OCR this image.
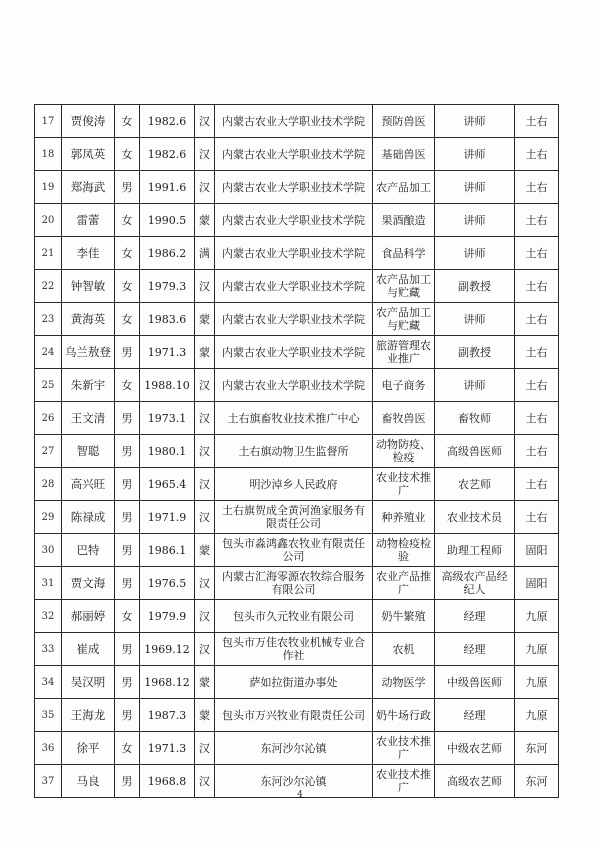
17	贾俊涛	女	1982.6	汉	内蒙古农业大学职业技术学院	预防兽医	讲师	土右
18	郭凤英	女	1982.6	汉	内蒙古农业大学职业技术学院	基础兽医	讲师	土右
19	郑海武	男	1991.6	汉	内蒙古农业大学职业技术学院	农产品加工	讲师	土右
20	雷蕾	女	1990.5	蒙	内蒙古农业大学职业技术学院	果酒酿造	讲师	土右
21	李佳	女	1986.2	满	内蒙古农业大学职业技术学院	食品科学	讲师	土右
22	钟智敏	女	1979.3	汉	内蒙古农业大学职业技术学院	农产品加工与贮藏	副教授	土右
23	黄海英	女	1983.6	蒙	内蒙古农业大学职业技术学院	农产品加工与贮藏	讲师	土右
24	乌兰敖登	男	1971.3	蒙	内蒙古农业大学职业技术学院	旅游管理农业推广	副教授	土右
25	朱新宇	女	1988.10	汉	内蒙古农业大学职业技术学院	电子商务	讲师	土右
26	王文清	男	1973.1	汉	土右旗畜牧业技术推广中心	畜牧兽医	畜牧师	土右
27	智聪	男	1980.1	汉	土右旗动物卫生监督所	动物防疫、检疫	高级兽医师	土右
28	高兴旺	男	1965.4	汉	明沙淖乡人民政府	农业技术推广	农艺师	土右
29	陈禄成	男	1971.9	汉	土右旗贺成全黄河渔家服务有限责任公司	种养殖业	农业技术员	土右
30	巴特	男	1986.1	蒙	包头市淼鸿鑫农牧业有限责任公司	动物检疫检验	助理工程师	固阳
31	贾文海	男	1976.5	汉	内蒙古汇海零源农牧综合服务有限公司	农业产品推广	高级农产品经纪人	固阳
32	郝丽婷	女	1979.9	汉	包头市久元牧业有限公司	奶牛繁殖	经理	九原
33	崔成	男	1969.12	汉	包头市万佳农牧业机械专业合作社	农机	经理	九原
34	吴汉明	男	1968.12	蒙	萨如拉街道办事处	动物医学	中级兽医师	九原
35	王海龙	男	1987.3	蒙	包头市万兴牧业有限责任公司	奶牛场行政	经理	九原
36	徐平	女	1971.3	汉	东河沙尔沁镇	农业技术推广	中级农艺师	东河
37	马良	男	1968.8	汉	东河沙尔沁镇	农业技术推广	高级农艺师	东河
4
